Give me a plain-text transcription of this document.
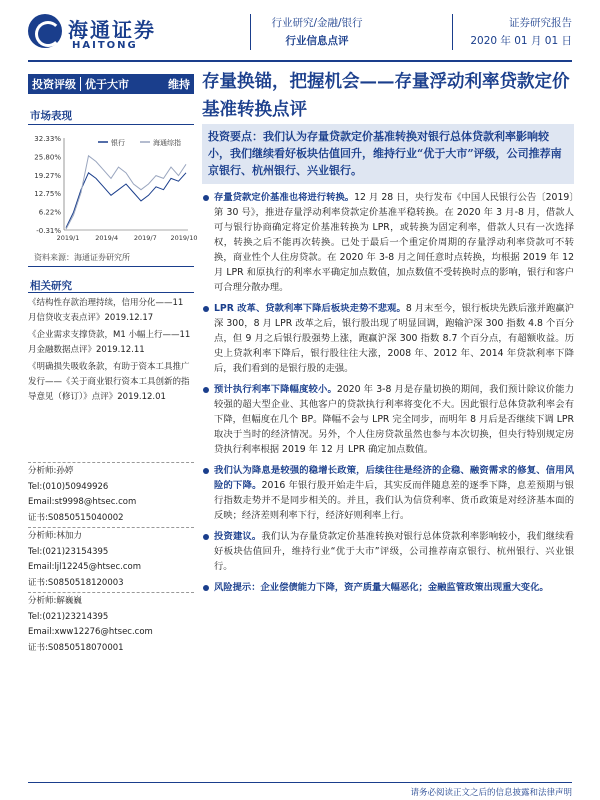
海通证券
HAITONG
行业研究/金融/银行
行业信息点评
证券研究报告
2020 年 01 月 01 日
投资评级 优于大市	维持 存量换锚，把握机会——存量浮动利率贷款定价基准转换点评
市场表现
32.33%
25.80%
19.27%
12.75%
6.22%
-0.31%
2019/1 2019/4 2019/7 2019/10
银行	海通综指
资料来源：海通证券研究所
相关研究
《结构性存款治理持续，信用分化——11 月信贷收支表点评》2019.12.17
《企业需求支撑贷款，M1 小幅上行——11 月金融数据点评》2019.12.11
《明确损失吸收条款，有助于资本工具推广发行——《关于商业银行资本工具创新的指导意见（修订）》点评》2019.12.01
分析师:孙婷
Tel:(010)50949926
Email:st9998@htsec.com
证书:S0850515040002
分析师:林加力
Tel:(021)23154395
Email:ljl12245@htsec.com
证书:S0850518120003
分析师:解巍巍
Tel:(021)23214395
Email:xww12276@htsec.com
证书:S0850518070001
投资要点：我们认为存量贷款定价基准转换对银行总体贷款利率影响较小，我们继续看好板块估值回升，维持行业“优于大市”评级，公司推荐南京银行、杭州银行、兴业银行。
存量贷款定价基准也将进行转换。12 月 28 日，央行发布《中国人民银行公告〔2019〕第 30 号》，推进存量浮动利率贷款定价基准平稳转换。在 2020 年 3 月-8 月，借款人可与银行协商确定将定价基准转换为 LPR，或转换为固定利率，借款人只有一次选择权，转换之后不能再次转换。已处于最后一个重定价周期的存量浮动利率贷款可不转换，商业性个人住房贷款。在 2020 年 3-8 月之间任意时点转换，均根据 2019 年 12 月 LPR 和原执行的利率水平确定加点数值，加点数值不受转换时点的影响，银行和客户可合理分散办理。
LPR 改革、贷款利率下降后板块走势不悲观。8 月末至今，银行板块先跌后涨并跑赢沪深 300，8 月 LPR 改革之后，银行股出现了明显回调，跑输沪深 300 指数 4.8 个百分点，但 9 月之后银行股强势上涨，跑赢沪深 300 指数 8.7 个百分点，有超额收益。历史上贷款利率下降后，银行股往往大涨，2008 年、2012 年、2014 年贷款利率下降后，我们看到的是银行股的走强。
预计执行利率下降幅度较小。2020 年 3-8 月是存量切换的期间，我们预计除议价能力较强的超大型企业、其他客户的贷款执行利率将变化不大。因此银行总体贷款利率会有下降，但幅度在几个 BP。降幅不会与 LPR 完全同步，而明年 8 月后是否继续下调 LPR 取决于当时的经济情况。另外，个人住房贷款虽然也参与本次切换，但央行特别规定房贷执行利率根据 2019 年 12 月 LPR 确定加点数值。
我们认为降息是较强的稳增长政策，后续往往是经济的企稳、融资需求的修复、信用风险的下降。2016 年银行股开始走牛后，其实反而伴随息差的逐季下降，息差预期与银行指数走势并不是同步相关的。并且，我们认为信贷利率、货币政策是对经济基本面的反映；经济差则利率下行，经济好则利率上行。
投资建议。我们认为存量贷款定价基准转换对银行总体贷款利率影响较小，我们继续看好板块估值回升，维持行业“优于大市”评级，公司推荐南京银行、杭州银行、兴业银行。
风险提示：企业偿债能力下降，资产质量大幅恶化；金融监管政策出现重大变化。
请务必阅读正文之后的信息披露和法律声明
